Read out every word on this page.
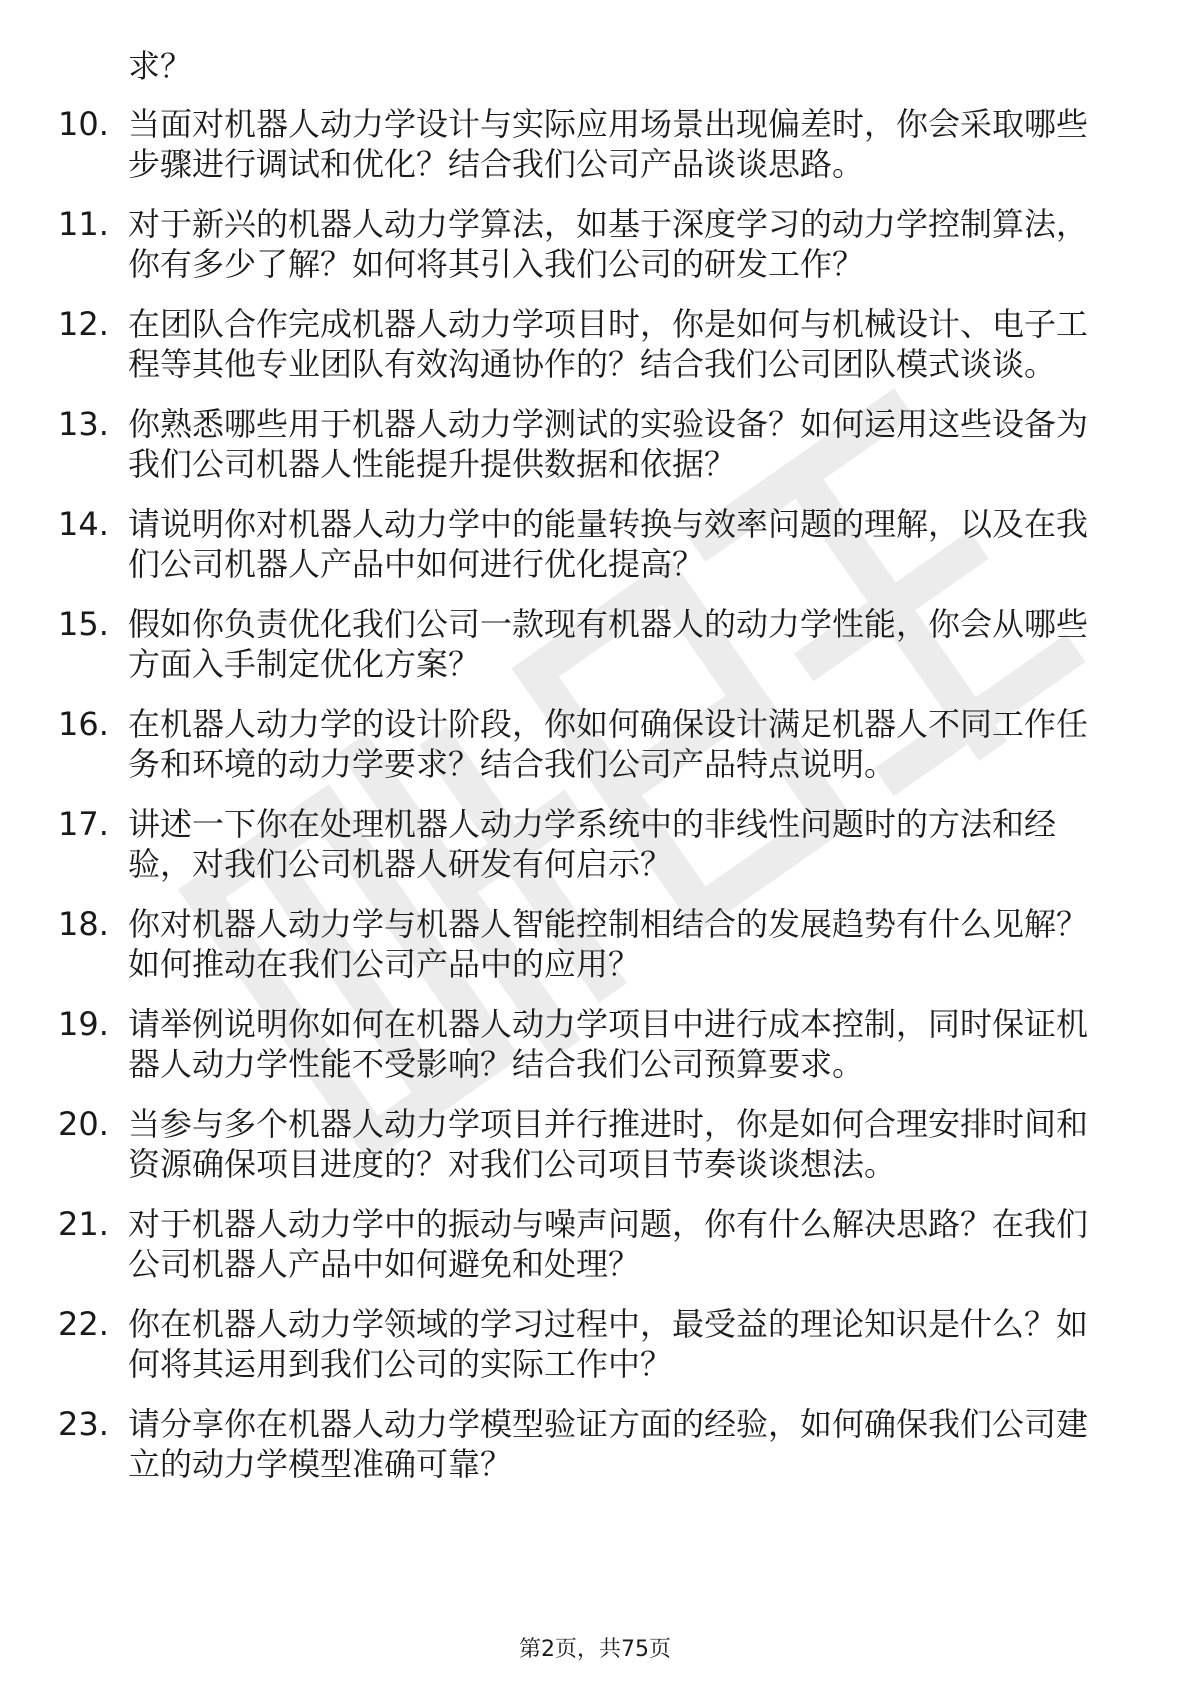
求？

10. 当面对机器人动力学设计与实际应用场景出现偏差时，你会采取哪些步骤进行调试和优化？结合我们公司产品谈谈思路。
11. 对于新兴的机器人动力学算法，如基于深度学习的动力学控制算法，你有多少了解？如何将其引入我们公司的研发工作？
12. 在团队合作完成机器人动力学项目时，你是如何与机械设计、电子工程等其他专业团队有效沟通协作的？结合我们公司团队模式谈谈。
13. 你熟悉哪些用于机器人动力学测试的实验设备？如何运用这些设备为我们公司机器人性能提升提供数据和依据？
14. 请说明你对机器人动力学中的能量转换与效率问题的理解，以及在我们公司机器人产品中如何进行优化提高？
15. 假如你负责优化我们公司一款现有机器人的动力学性能，你会从哪些方面入手制定优化方案？
16. 在机器人动力学的设计阶段，你如何确保设计满足机器人不同工作任务和环境的动力学要求？结合我们公司产品特点说明。
17. 讲述一下你在处理机器人动力学系统中的非线性问题时的方法和经验，对我们公司机器人研发有何启示？
18. 你对机器人动力学与机器人智能控制相结合的发展趋势有什么见解？如何推动在我们公司产品中的应用？
19. 请举例说明你如何在机器人动力学项目中进行成本控制，同时保证机器人动力学性能不受影响？结合我们公司预算要求。
20. 当参与多个机器人动力学项目并行推进时，你是如何合理安排时间和资源确保项目进度的？对我们公司项目节奏谈谈想法。
21. 对于机器人动力学中的振动与噪声问题，你有什么解决思路？在我们公司机器人产品中如何避免和处理？
22. 你在机器人动力学领域的学习过程中，最受益的理论知识是什么？如何将其运用到我们公司的实际工作中？
23. 请分享你在机器人动力学模型验证方面的经验，如何确保我们公司建立的动力学模型准确可靠？
第2页，共75页
